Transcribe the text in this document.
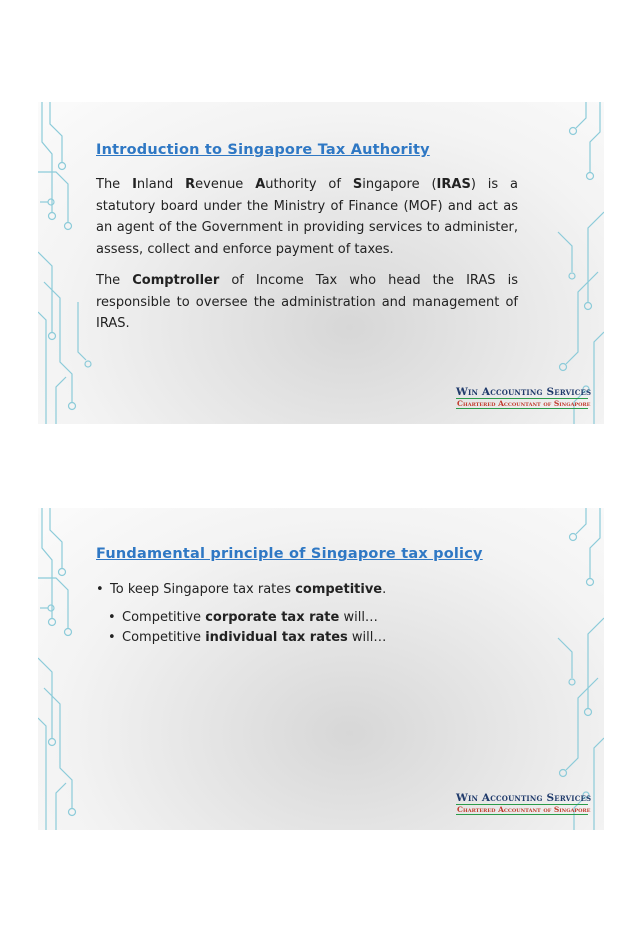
Introduction to Singapore Tax Authority

The Inland Revenue Authority of Singapore (IRAS) is a statutory board under the Ministry of Finance (MOF) and act as an agent of the Government in providing services to administer, assess, collect and enforce payment of taxes.

The Comptroller of Income Tax who head the IRAS is responsible to oversee the administration and management of IRAS.

Win Accounting Services
Chartered Accountant of Singapore
Fundamental principle of Singapore tax policy
• To keep Singapore tax rates competitive.
• Competitive corporate tax rate will…
• Competitive individual tax rates will…
Win Accounting Services
Chartered Accountant of Singapore
